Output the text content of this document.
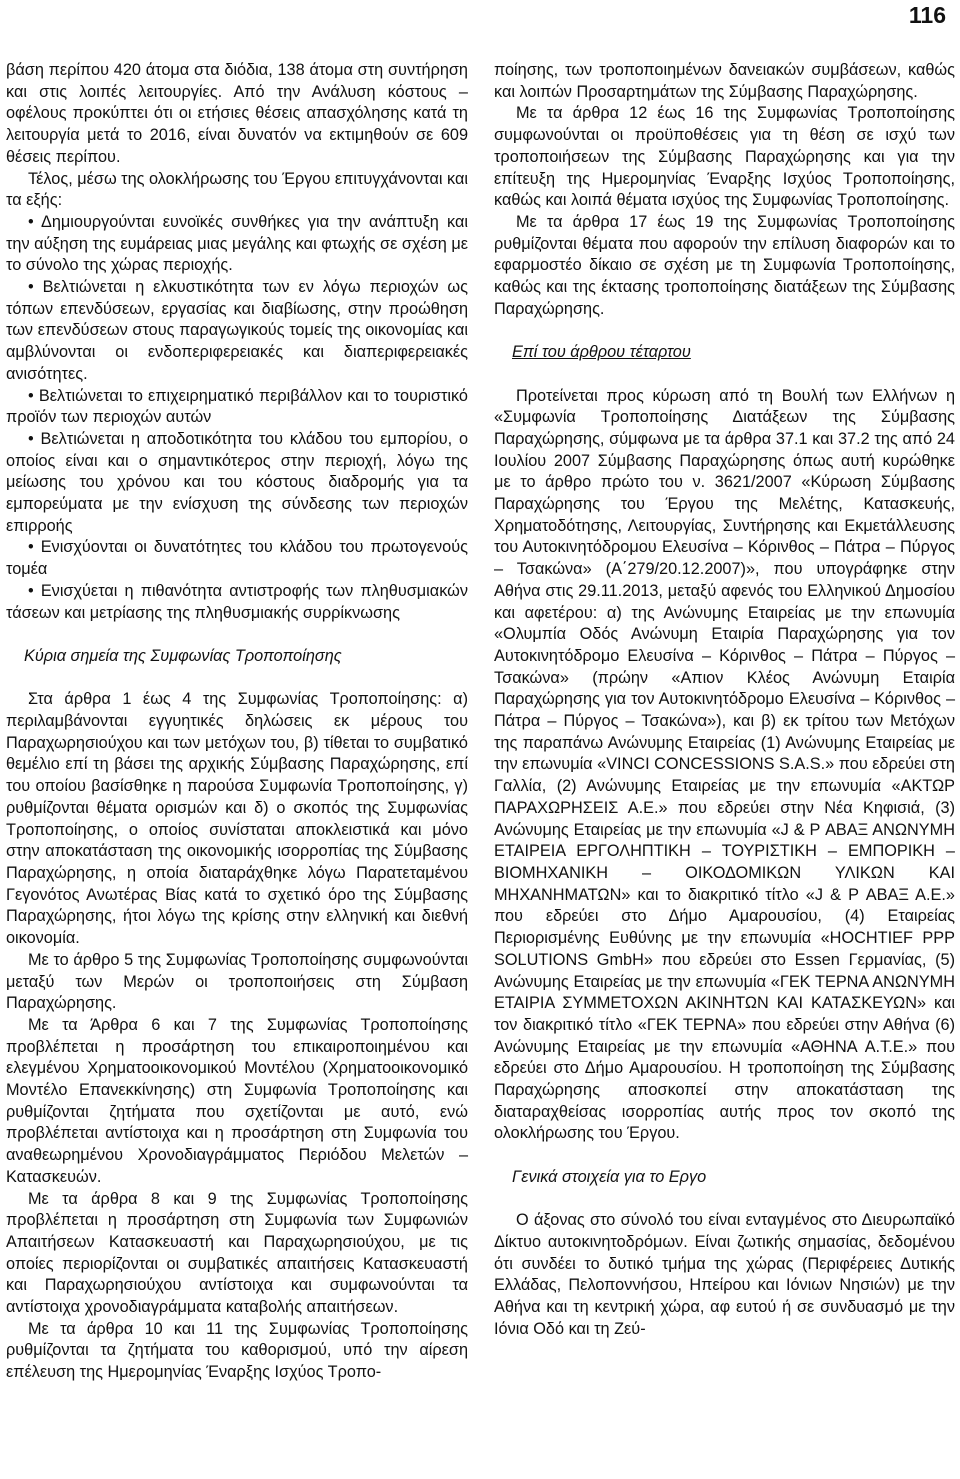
116

βάση περίπου 420 άτομα στα διόδια, 138 άτομα στη συντήρηση και στις λοιπές λειτουργίες. Από την Ανάλυση κόστους – οφέλους προκύπτει ότι οι ετήσιες θέσεις απασχόλησης κατά τη λειτουργία μετά το 2016, είναι δυνατόν να εκτιμηθούν σε 609 θέσεις περίπου.

Τέλος, μέσω της ολοκλήρωσης του Έργου επιτυγχάνονται και τα εξής:

• Δημιουργούνται ευνοϊκές συνθήκες για την ανάπτυξη και την αύξηση της ευμάρειας μιας μεγάλης και φτωχής σε σχέση με το σύνολο της χώρας περιοχής.

• Βελτιώνεται η ελκυστικότητα των εν λόγω περιοχών ως τόπων επενδύσεων, εργασίας και διαβίωσης, στην προώθηση των επενδύσεων στους παραγωγικούς τομείς της οικονομίας και αμβλύνονται οι ενδοπεριφερειακές και διαπεριφερειακές ανισότητες.

• Βελτιώνεται το επιχειρηματικό περιβάλλον και το τουριστικό προϊόν των περιοχών αυτών

• Βελτιώνεται η αποδοτικότητα του κλάδου του εμπορίου, ο οποίος είναι και ο σημαντικότερος στην περιοχή, λόγω της μείωσης του χρόνου και του κόστους διαδρομής για τα εμπορεύματα με την ενίσχυση της σύνδεσης των περιοχών επιρροής

• Ενισχύονται οι δυνατότητες του κλάδου του πρωτογενούς τομέα

• Ενισχύεται η πιθανότητα αντιστροφής των πληθυσμιακών τάσεων και μετρίασης της πληθυσμιακής συρρίκνωσης

Κύρια σημεία της Συμφωνίας Τροποποίησης

Στα άρθρα 1 έως 4 της Συμφωνίας Τροποποίησης: α) περιλαμβάνονται εγγυητικές δηλώσεις εκ μέρους του Παραχωρησιούχου και των μετόχων του, β) τίθεται το συμβατικό θεμέλιο επί τη βάσει της αρχικής Σύμβασης Παραχώρησης, επί του οποίου βασίσθηκε η παρούσα Συμφωνία Τροποποίησης, γ) ρυθμίζονται θέματα ορισμών και δ) ο σκοπός της Συμφωνίας Τροποποίησης, ο οποίος συνίσταται αποκλειστικά και μόνο στην αποκατάσταση της οικονομικής ισορροπίας της Σύμβασης Παραχώρησης, η οποία διαταράχθηκε λόγω Παρατεταμένου Γεγονότος Ανωτέρας Βίας κατά το σχετικό όρο της Σύμβασης Παραχώρησης, ήτοι λόγω της κρίσης στην ελληνική και διεθνή οικονομία.

Με το άρθρο 5 της Συμφωνίας Τροποποίησης συμφωνούνται μεταξύ των Μερών οι τροποποιήσεις στη Σύμβαση Παραχώρησης.

Με τα Άρθρα 6 και 7 της Συμφωνίας Τροποποίησης προβλέπεται η προσάρτηση του επικαιροποιημένου και ελεγμένου Χρηματοοικονομικού Μοντέλου (Χρηματοοικονομικό Μοντέλο Επανεκκίνησης) στη Συμφωνία Τροποποίησης και ρυθμίζονται ζητήματα που σχετίζονται με αυτό, ενώ προβλέπεται αντίστοιχα και η προσάρτηση στη Συμφωνία του αναθεωρημένου Χρονοδιαγράμματος Περιόδου Μελετών – Κατασκευών.

Με τα άρθρα 8 και 9 της Συμφωνίας Τροποποίησης προβλέπεται η προσάρτηση στη Συμφωνία των Συμφωνιών Απαιτήσεων Κατασκευαστή και Παραχωρησιούχου, με τις οποίες περιορίζονται οι συμβατικές απαιτήσεις Κατασκευαστή και Παραχωρησιούχου αντίστοιχα και συμφωνούνται τα αντίστοιχα χρονοδιαγράμματα καταβολής απαιτήσεων.

Με τα άρθρα 10 και 11 της Συμφωνίας Τροποποίησης ρυθμίζονται τα ζητήματα του καθορισμού, υπό την αίρεση επέλευση της Ημερομηνίας Έναρξης Ισχύος Τροπο-

ποίησης, των τροποποιημένων δανειακών συμβάσεων, καθώς και λοιπών Προσαρτημάτων της Σύμβασης Παραχώρησης.

Με τα άρθρα 12 έως 16 της Συμφωνίας Τροποποίησης συμφωνούνται οι προϋποθέσεις για τη θέση σε ισχύ των τροποποιήσεων της Σύμβασης Παραχώρησης και για την επίτευξη της Ημερομηνίας Έναρξης Ισχύος Τροποποίησης, καθώς και λοιπά θέματα ισχύος της Συμφωνίας Τροποποίησης.

Με τα άρθρα 17 έως 19 της Συμφωνίας Τροποποίησης ρυθμίζονται θέματα που αφορούν την επίλυση διαφορών και το εφαρμοστέο δίκαιο σε σχέση με τη Συμφωνία Τροποποίησης, καθώς και της έκτασης τροποποίησης διατάξεων της Σύμβασης Παραχώρησης.

Επί του άρθρου τέταρτου

Προτείνεται προς κύρωση από τη Βουλή των Ελλήνων η «Συμφωνία Τροποποίησης Διατάξεων της Σύμβασης Παραχώρησης, σύμφωνα με τα άρθρα 37.1 και 37.2 της από 24 Ιουλίου 2007 Σύμβασης Παραχώρησης όπως αυτή κυρώθηκε με το άρθρο πρώτο του ν. 3621/2007 «Κύρωση Σύμβασης Παραχώρησης του Έργου της Μελέτης, Κατασκευής, Χρηματοδότησης, Λειτουργίας, Συντήρησης και Εκμετάλλευσης του Αυτοκινητόδρομου Ελευσίνα – Κόρινθος – Πάτρα – Πύργος – Τσακώνα» (Α΄279/20.12.2007)», που υπογράφηκε στην Αθήνα στις 29.11.2013, μεταξύ αφενός του Ελληνικού Δημοσίου και αφετέρου: α) της Ανώνυμης Εταιρείας με την επωνυμία «Ολυμπία Οδός Ανώνυμη Εταιρία Παραχώρησης για τον Αυτοκινητόδρομο Ελευσίνα – Κόρινθος – Πάτρα – Πύργος – Τσακώνα» (πρώην «Απιον Κλέος Ανώνυμη Εταιρία Παραχώρησης για τον Αυτοκινητόδρομο Ελευσίνα – Κόρινθος – Πάτρα – Πύργος – Τσακώνα»), και β) εκ τρίτου των Μετόχων της παραπάνω Ανώνυμης Εταιρείας (1) Ανώνυμης Εταιρείας με την επωνυμία «VINCI CONCESSIONS S.A.S.» που εδρεύει στη Γαλλία, (2) Ανώνυμης Εταιρείας με την επωνυμία «ΑΚΤΩΡ ΠΑΡΑΧΩΡΗΣΕΙΣ Α.Ε.» που εδρεύει στην Νέα Κηφισιά, (3) Ανώνυμης Εταιρείας με την επωνυμία «J & P ΑΒΑΞ ΑΝΩΝΥΜΗ ΕΤΑΙΡΕΙΑ ΕΡΓΟΛΗΠΤΙΚΗ – ΤΟΥΡΙΣΤΙΚΗ – ΕΜΠΟΡΙΚΗ – ΒΙΟΜΗΧΑΝΙΚΗ – ΟΙΚΟΔΟΜΙΚΩΝ ΥΛΙΚΩΝ ΚΑΙ ΜΗΧΑΝΗΜΑΤΩΝ» και το διακριτικό τίτλο «J & P ΑΒΑΞ Α.Ε.» που εδρεύει στο Δήμο Αμαρουσίου, (4) Εταιρείας Περιορισμένης Ευθύνης με την επωνυμία «HOCHTIEF PPP SOLUTIONS GmbH» που εδρεύει στο Essen Γερμανίας, (5) Ανώνυμης Εταιρείας με την επωνυμία «ΓΕΚ ΤΕΡΝΑ ΑΝΩΝΥΜΗ ΕΤΑΙΡΙΑ ΣΥΜΜΕΤΟΧΩΝ ΑΚΙΝΗΤΩΝ ΚΑΙ ΚΑΤΑΣΚΕΥΩΝ» και τον διακριτικό τίτλο «ΓΕΚ ΤΕΡΝΑ» που εδρεύει στην Αθήνα (6) Ανώνυμης Εταιρείας με την επωνυμία «ΑΘΗΝΑ Α.Τ.Ε.» που εδρεύει στο Δήμο Αμαρουσίου. Η τροποποίηση της Σύμβασης Παραχώρησης αποσκοπεί στην αποκατάσταση της διαταραχθείσας ισορροπίας αυτής προς τον σκοπό της ολοκλήρωσης του Έργου.

Γενικά στοιχεία για το Εργο

Ο άξονας στο σύνολό του είναι ενταγμένος στο Διευρωπαϊκό Δίκτυο αυτοκινητοδρόμων. Είναι ζωτικής σημασίας, δεδομένου ότι συνδέει το δυτικό τμήμα της χώρας (Περιφέρειες Δυτικής Ελλάδας, Πελοποννήσου, Ηπείρου και Ιόνιων Νησιών) με την Αθήνα και τη κεντρική χώρα, αφ ευτού ή σε συνδυασμό με την Ιόνια Οδό και τη Ζεύ-
